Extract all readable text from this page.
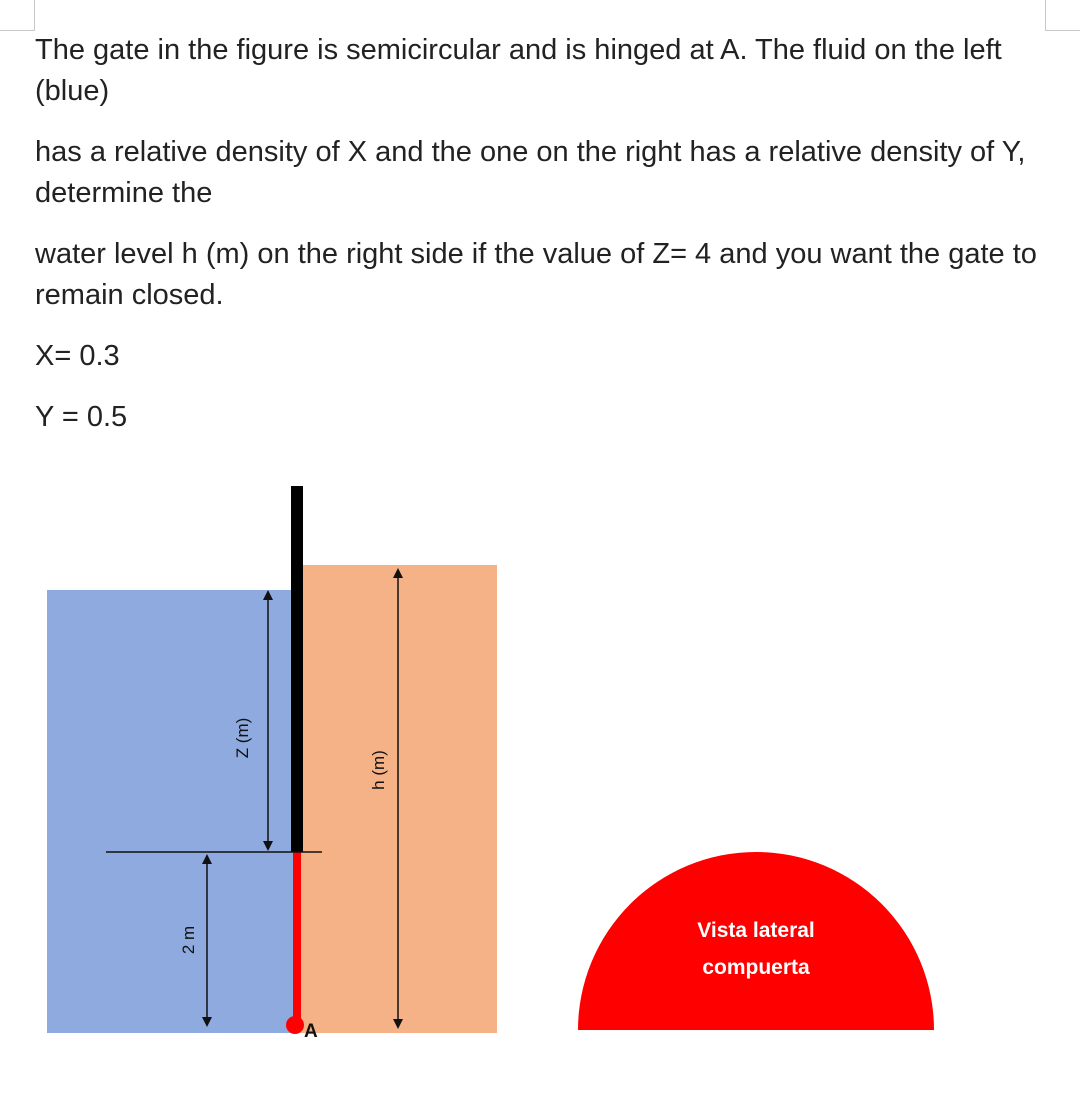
The gate in the figure is semicircular and is hinged at A. The fluid on the left (blue)

has a relative density of X and the one on the right has a relative density of Y, determine the

water level h (m) on the right side if the value of Z= 4 and you want the gate to remain closed.

X= 0.3

Y = 0.5

A
Z (m)
h (m)
2 m	Vista lateral
compuerta
